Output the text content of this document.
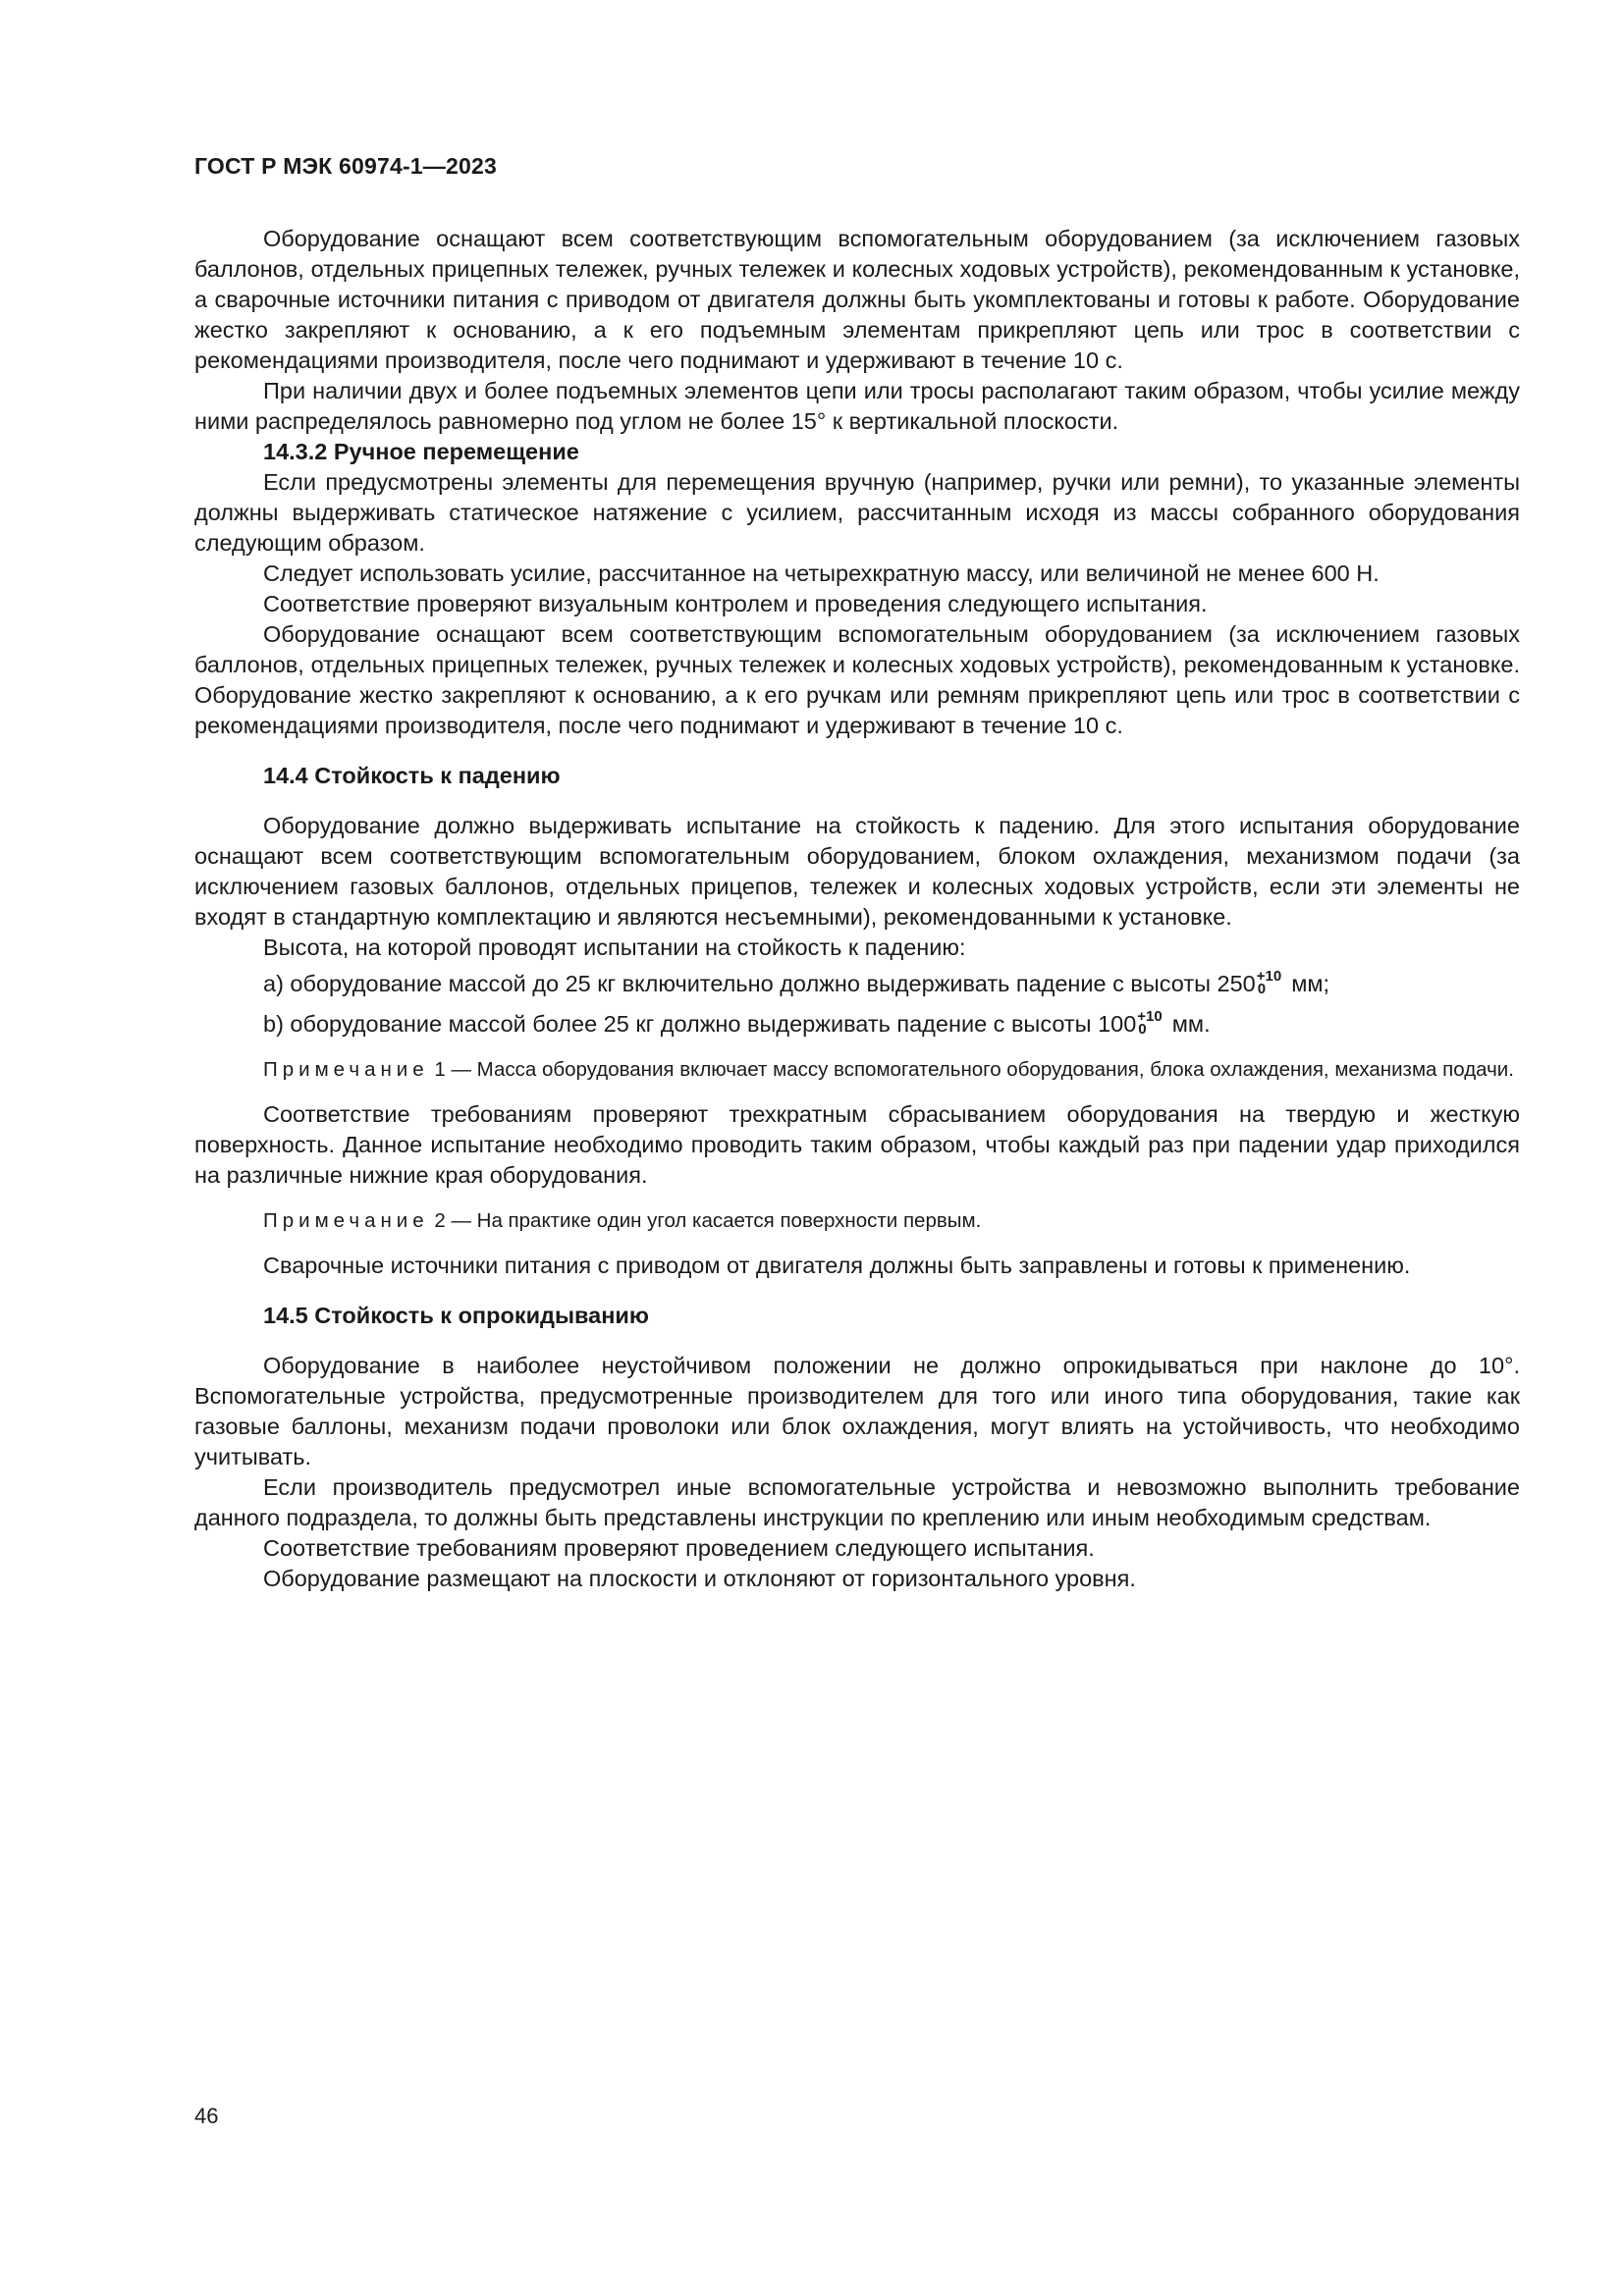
ГОСТ Р МЭК 60974-1—2023

Оборудование оснащают всем соответствующим вспомогательным оборудованием (за исключением газовых баллонов, отдельных прицепных тележек, ручных тележек и колесных ходовых устройств), рекомендованным к установке, а сварочные источники питания с приводом от двигателя должны быть укомплектованы и готовы к работе. Оборудование жестко закрепляют к основанию, а к его подъемным элементам прикрепляют цепь или трос в соответствии с рекомендациями производителя, после чего поднимают и удерживают в течение 10 с.

При наличии двух и более подъемных элементов цепи или тросы располагают таким образом, чтобы усилие между ними распределялось равномерно под углом не более 15° к вертикальной плоскости.

14.3.2 Ручное перемещение

Если предусмотрены элементы для перемещения вручную (например, ручки или ремни), то указанные элементы должны выдерживать статическое натяжение с усилием, рассчитанным исходя из массы собранного оборудования следующим образом.

Следует использовать усилие, рассчитанное на четырехкратную массу, или величиной не менее 600 Н.

Соответствие проверяют визуальным контролем и проведения следующего испытания.

Оборудование оснащают всем соответствующим вспомогательным оборудованием (за исключением газовых баллонов, отдельных прицепных тележек, ручных тележек и колесных ходовых устройств), рекомендованным к установке. Оборудование жестко закрепляют к основанию, а к его ручкам или ремням прикрепляют цепь или трос в соответствии с рекомендациями производителя, после чего поднимают и удерживают в течение 10 с.

14.4 Стойкость к падению

Оборудование должно выдерживать испытание на стойкость к падению. Для этого испытания оборудование оснащают всем соответствующим вспомогательным оборудованием, блоком охлаждения, механизмом подачи (за исключением газовых баллонов, отдельных прицепов, тележек и колесных ходовых устройств, если эти элементы не входят в стандартную комплектацию и являются несъемными), рекомендованными к установке.

Высота, на которой проводят испытании на стойкость к падению:

а) оборудование массой до 25 кг включительно должно выдерживать падение с высоты 250 +10
0 мм;
b) оборудование массой более 25 кг должно выдерживать падение с высоты 100 +10
0 мм.

Примечание 1 — Масса оборудования включает массу вспомогательного оборудования, блока охлаждения, механизма подачи.

Соответствие требованиям проверяют трехкратным сбрасыванием оборудования на твердую и жесткую поверхность. Данное испытание необходимо проводить таким образом, чтобы каждый раз при падении удар приходился на различные нижние края оборудования.

Примечание 2 — На практике один угол касается поверхности первым.

Сварочные источники питания с приводом от двигателя должны быть заправлены и готовы к применению.

14.5 Стойкость к опрокидыванию

Оборудование в наиболее неустойчивом положении не должно опрокидываться при наклоне до 10°. Вспомогательные устройства, предусмотренные производителем для того или иного типа оборудования, такие как газовые баллоны, механизм подачи проволоки или блок охлаждения, могут влиять на устойчивость, что необходимо учитывать.

Если производитель предусмотрел иные вспомогательные устройства и невозможно выполнить требование данного подраздела, то должны быть представлены инструкции по креплению или иным необходимым средствам.

Соответствие требованиям проверяют проведением следующего испытания.

Оборудование размещают на плоскости и отклоняют от горизонтального уровня.

46
